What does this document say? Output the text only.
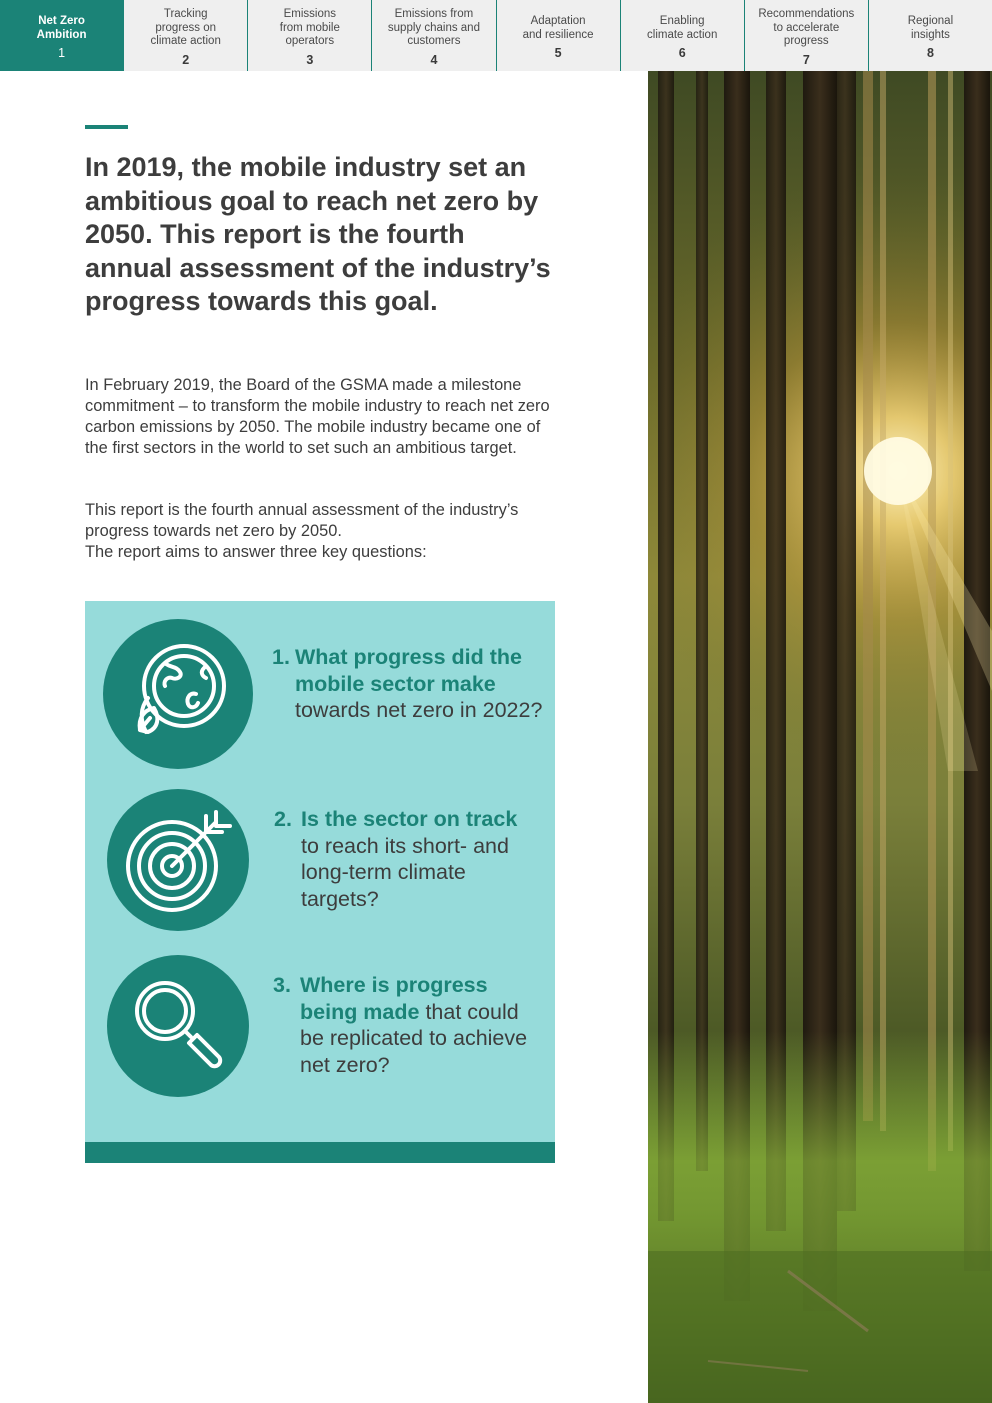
Net Zero
Ambition
1
Tracking
progress on
climate action
2
Emissions
from mobile
operators
3
Emissions from
supply chains and
customers
4
Adaptation
and resilience
5
Enabling
climate action
6
Recommendations
to accelerate
progress
7
Regional
insights
8
In 2019, the mobile industry set an ambitious goal to reach net zero by 2050. This report is the fourth annual assessment of the industry’s progress towards this goal.

In February 2019, the Board of the GSMA made a milestone commitment – to transform the mobile industry to reach net zero carbon emissions by 2050. The mobile industry became one of the first sectors in the world to set such an ambitious target.

This report is the fourth annual assessment of the industry’s progress towards net zero by 2050.
The report aims to answer three key questions:
1. What progress did the mobile sector make towards net zero in 2022?
2. Is the sector on track to reach its short- and long-term climate targets?
3. Where is progress being made that could be replicated to achieve net zero?
